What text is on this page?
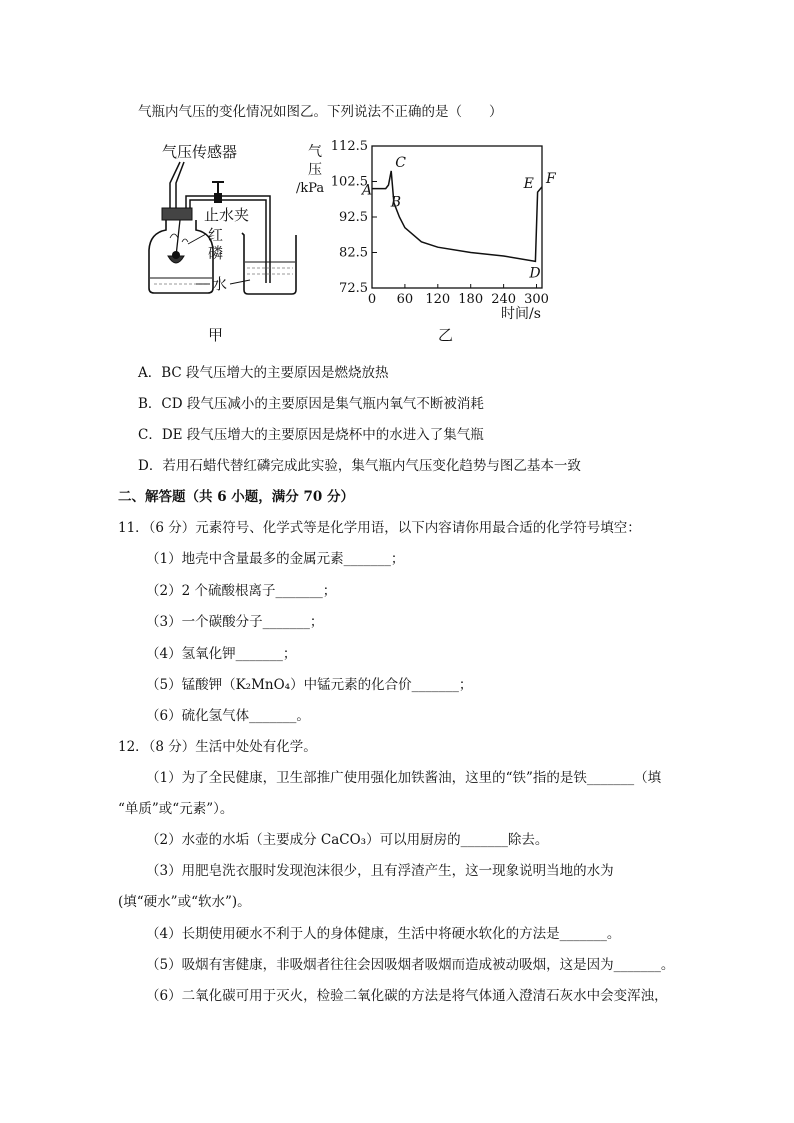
气瓶内气压的变化情况如图乙。下列说法不正确的是（　　）
气压传感器
止水夹
红
磷
水
甲
气
压
/kPa
时间/s
乙
72.5
82.5
92.5
102.5
112.5
0 60 120 180 240 300
A
B
C
D
E F
A．BC 段气压增大的主要原因是燃烧放热
B．CD 段气压减小的主要原因是集气瓶内氧气不断被消耗
C．DE 段气压增大的主要原因是烧杯中的水进入了集气瓶
D．若用石蜡代替红磷完成此实验，集气瓶内气压变化趋势与图乙基本一致
二、解答题（共 6 小题，满分 70 分）
11．（6 分）元素符号、化学式等是化学用语，以下内容请你用最合适的化学符号填空：
（1）地壳中含量最多的金属元素_______；
（2）2 个硫酸根离子_______；
（3）一个碳酸分子_______；
（4）氢氧化钾_______；
（5）锰酸钾（K₂MnO₄）中锰元素的化合价_______；
（6）硫化氢气体_______。
12．（8 分）生活中处处有化学。
（1）为了全民健康，卫生部推广使用强化加铁酱油，这里的“铁”指的是铁_______（填
“单质”或“元素”）。
（2）水壶的水垢（主要成分 CaCO₃）可以用厨房的_______除去。
（3）用肥皂洗衣服时发现泡沫很少，且有浮渣产生，这一现象说明当地的水为
(填“硬水”或“软水”)。
（4）长期使用硬水不利于人的身体健康，生活中将硬水软化的方法是_______。
（5）吸烟有害健康，非吸烟者往往会因吸烟者吸烟而造成被动吸烟，这是因为_______。
（6）二氧化碳可用于灭火，检验二氧化碳的方法是将气体通入澄清石灰水中会变浑浊，
